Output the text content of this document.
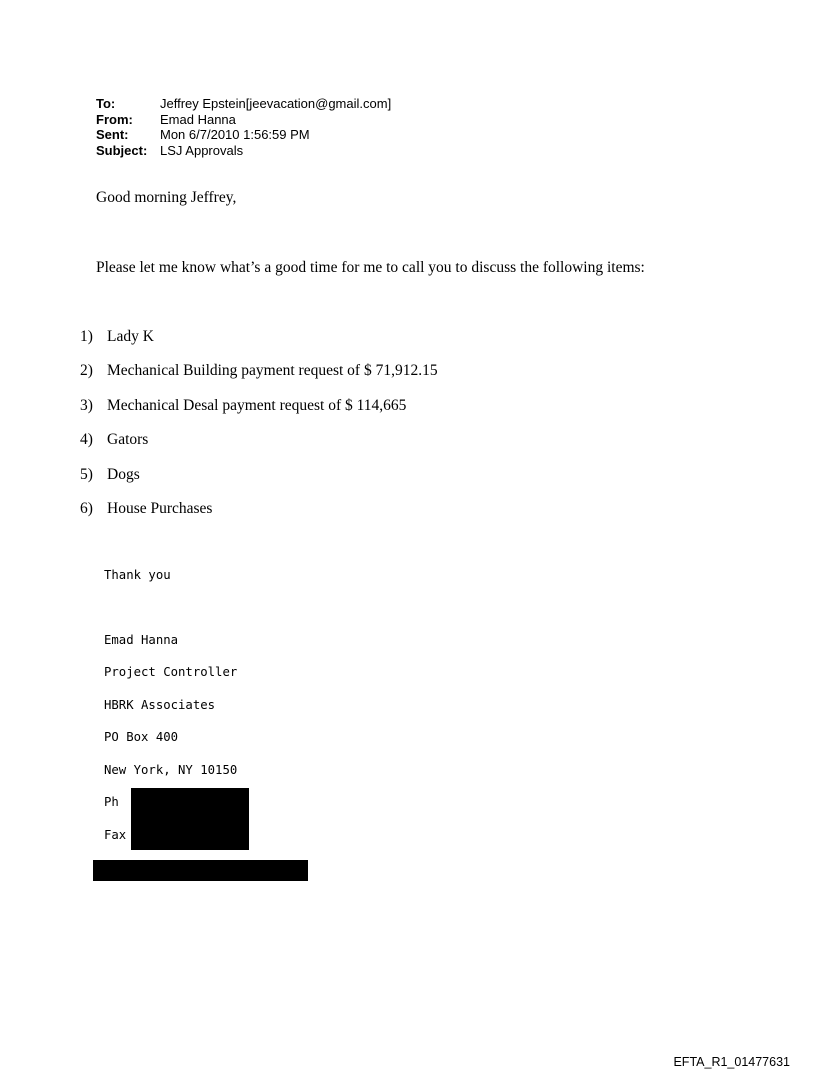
To:	Jeffrey Epstein[jeevacation@gmail.com]
From:	Emad Hanna
Sent:	Mon 6/7/2010 1:56:59 PM
Subject: LSJ Approvals
Good morning Jeffrey,
Please let me know what’s a good time for me to call you to discuss the following items:
1) Lady K
2) Mechanical Building payment request of $ 71,912.15
3) Mechanical Desal payment request of $ 114,665
4) Gators
5) Dogs
6) House Purchases
Thank you
Emad Hanna
Project Controller
HBRK Associates
PO Box 400
New York, NY 10150
Ph
Fax
EFTA_R1_01477631
